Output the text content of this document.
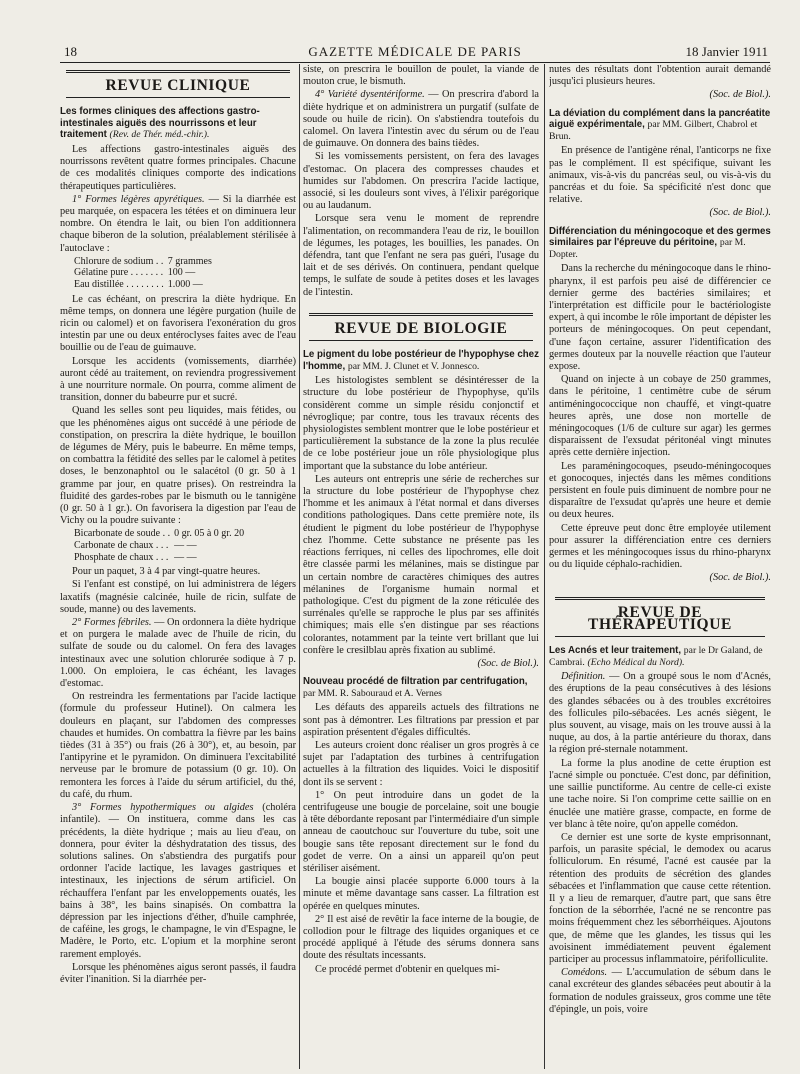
18	GAZETTE MÉDICALE DE PARIS	18 Janvier 1911
REVUE CLINIQUE
Les formes cliniques des affections gastro-intestinales aiguës des nourrissons et leur traitement (Rev. de Thér. méd.-chir.).

Les affections gastro-intestinales aiguës des nourrissons revêtent quatre formes principales. Chacune de ces modalités cliniques comporte des indications thérapeutiques particulières.

1° Formes légères apyrétiques. — Si la diarrhée est peu marquée, on espacera les tétées et on diminuera leur nombre. On étendra le lait, ou bien l'on additionnera chaque biberon de la solution, préalablement stérilisée à l'autoclave :

Chlorure de sodium . .	7 grammes
Gélatine pure . . . . . . .	100 —
Eau distillée . . . . . . . .	1.000 —

Le cas échéant, on prescrira la diète hydrique. En même temps, on donnera une légère purgation (huile de ricin ou calomel) et on favorisera l'exonération du gros intestin par une ou deux entéroclyses faites avec de l'eau bouillie ou de l'eau de guimauve.

Lorsque les accidents (vomissements, diarrhée) auront cédé au traitement, on reviendra progressivement à une nourriture normale. On pourra, comme aliment de transition, donner du babeurre pur et sucré.

Quand les selles sont peu liquides, mais fétides, ou que les phénomènes aigus ont succédé à une période de constipation, on prescrira la diète hydrique, le bouillon de légumes de Méry, puis le babeurre. En même temps, on combattra la fétidité des selles par le calomel à petites doses, le benzonaphtol ou le salacétol (0 gr. 50 à 1 gramme par jour, en quatre prises). On restreindra la fluidité des gardes-robes par le bismuth ou le tannigène (0 gr. 50 à 1 gr.). On favorisera la digestion par l'eau de Vichy ou la poudre suivante :

Bicarbonate de soude . .	0 gr. 05 à 0 gr. 20
Carbonate de chaux . . .	— —
Phosphate de chaux . . .	— —

Pour un paquet, 3 à 4 par vingt-quatre heures.

Si l'enfant est constipé, on lui administrera de légers laxatifs (magnésie calcinée, huile de ricin, sulfate de soude, manne) ou des lavements.

2° Formes fébriles. — On ordonnera la diète hydrique et on purgera le malade avec de l'huile de ricin, du sulfate de soude ou du calomel. On fera des lavages intestinaux avec une solution chlorurée sodique à 7 p. 1.000. On emploiera, le cas échéant, les lavages d'estomac.

On restreindra les fermentations par l'acide lactique (formule du professeur Hutinel). On calmera les douleurs en plaçant, sur l'abdomen des compresses chaudes et humides. On combattra la fièvre par les bains tièdes (31 à 35°) ou frais (26 à 30°), et, au besoin, par l'antipyrine et le pyramidon. On diminuera l'excitabilité nerveuse par le bromure de potassium (0 gr. 10). On remontera les forces à l'aide du sérum artificiel, du thé, du café, du rhum.

3° Formes hypothermiques ou algides (choléra infantile). — On instituera, comme dans les cas précédents, la diète hydrique ; mais au lieu d'eau, on donnera, pour éviter la déshydratation des tissus, des solutions salines. On s'abstiendra des purgatifs pour ordonner l'acide lactique, les lavages gastriques et intestinaux, les injections de sérum artificiel. On réchauffera l'enfant par les enveloppements ouatés, les bains à 38°, les bains sinapisés. On combattra la dépression par les injections d'éther, d'huile camphrée, de caféine, les grogs, le champagne, le vin d'Espagne, le Madère, le Porto, etc. L'opium et la morphine seront rarement employés.

Lorsque les phénomènes aigus seront passés, il faudra éviter l'inanition. Si la diarrhée per-

siste, on prescrira le bouillon de poulet, la viande de mouton crue, le bismuth.

4° Variété dysentériforme. — On prescrira d'abord la diète hydrique et on administrera un purgatif (sulfate de soude ou huile de ricin). On s'abstiendra toutefois du calomel. On lavera l'intestin avec du sérum ou de l'eau de guimauve. On donnera des bains tièdes.

Si les vomissements persistent, on fera des lavages d'estomac. On placera des compresses chaudes et humides sur l'abdomen. On prescrira l'acide lactique, associé, si les douleurs sont vives, à l'élixir parégorique ou au laudanum.

Lorsque sera venu le moment de reprendre l'alimentation, on recommandera l'eau de riz, le bouillon de légumes, les potages, les bouillies, les panades. On défendra, tant que l'enfant ne sera pas guéri, l'usage du lait et de ses dérivés. On continuera, pendant quelque temps, le sulfate de soude à petites doses et les lavages de l'intestin.

REVUE DE BIOLOGIE
Le pigment du lobe postérieur de l'hypophyse chez l'homme, par MM. J. Clunet et V. Jonnesco.

Les histologistes semblent se désintéresser de la structure du lobe postérieur de l'hypophyse, qu'ils considèrent comme un simple résidu conjonctif et névroglique; par contre, tous les travaux récents des physiologistes semblent montrer que le lobe postérieur et particulièrement la substance de la zone la plus reculée de ce lobe postérieur joue un rôle physiologique plus important que la substance du lobe antérieur.

Les auteurs ont entrepris une série de recherches sur la structure du lobe postérieur de l'hypophyse chez l'homme et les animaux à l'état normal et dans diverses conditions pathologiques. Dans cette première note, ils étudient le pigment du lobe postérieur de l'hypophyse chez l'homme. Cette substance ne présente pas les réactions ferriques, ni celles des lipochromes, elle doit être classée parmi les mélanines, mais se distingue par un certain nombre de caractères chimiques des autres mélanines de l'organisme humain normal et pathologique. C'est du pigment de la zone réticulée des surrénales qu'elle se rapproche le plus par ses affinités chimiques; mais elle s'en distingue par ses réactions colorantes, notamment par la teinte vert brillant que lui confère le cresilblau après fixation au sublimé.

(Soc. de Biol.).

Nouveau procédé de filtration par centrifugation, par MM. R. Sabouraud et A. Vernes

Les défauts des appareils actuels des filtrations ne sont pas à démontrer. Les filtrations par pression et par aspiration présentent d'égales difficultés.

Les auteurs croient donc réaliser un gros progrès à ce sujet par l'adaptation des turbines à centrifugation actuelles à la filtration des liquides. Voici le dispositif dont ils se servent :

1° On peut introduire dans un godet de la centrifugeuse une bougie de porcelaine, soit une bougie à tête débordante reposant par l'intermédiaire d'un simple anneau de caoutchouc sur l'ouverture du tube, soit une bougie sans tête reposant directement sur le fond du godet de verre. On a ainsi un appareil qu'on peut stériliser aisément.

La bougie ainsi placée supporte 6.000 tours à la minute et même davantage sans casser. La filtration est opérée en quelques minutes.

2° Il est aisé de revêtir la face interne de la bougie, de collodion pour le filtrage des liquides organiques et ce procédé appliqué à l'étude des sérums donnera sans doute des résultats incessants.

Ce procédé permet d'obtenir en quelques mi-

nutes des résultats dont l'obtention aurait demandé jusqu'ici plusieurs heures.

(Soc. de Biol.).

La déviation du complément dans la pancréatite aiguë expérimentale, par MM. Gilbert, Chabrol et Brun.

En présence de l'antigène rénal, l'anticorps ne fixe pas le complément. Il est spécifique, suivant les animaux, vis-à-vis du pancréas seul, ou vis-à-vis du pancréas et du foie. Sa spécificité n'est donc que relative.

(Soc. de Biol.).

Différenciation du méningocoque et des germes similaires par l'épreuve du péritoine, par M. Dopter.

Dans la recherche du méningocoque dans le rhino-pharynx, il est parfois peu aisé de différencier ce dernier germe des bactéries similaires; et l'interprétation est difficile pour le bactériologiste expert, à qui incombe le rôle important de dépister les porteurs de méningocoques. On peut cependant, d'une façon certaine, assurer l'identification des germes douteux par la nouvelle réaction que l'auteur expose.

Quand on injecte à un cobaye de 250 grammes, dans le péritoine, 1 centimètre cube de sérum antiméningococcique non chauffé, et vingt-quatre heures après, une dose non mortelle de méningocoques (1/6 de culture sur agar) les germes disparaissent de l'exsudat péritonéal vingt minutes après cette dernière injection.

Les paraméningocoques, pseudo-méningocoques et gonocoques, injectés dans les mêmes conditions persistent en foule puis diminuent de nombre pour ne disparaître de l'exsudat qu'après une heure et demie ou deux heures.

Cette épreuve peut donc être employée utilement pour assurer la différenciation entre ces derniers germes et les méningocoques issus du rhino-pharynx ou du liquide céphalo-rachidien.

(Soc. de Biol.).

REVUE DE THÉRAPEUTIQUE
Les Acnés et leur traitement, par le Dr Galand, de Cambrai. (Echo Médical du Nord).

Définition. — On a groupé sous le nom d'Acnés, des éruptions de la peau consécutives à des lésions des glandes sébacées ou à des troubles excrétoires des follicules pilo-sébacées. Les acnés siègent, le plus souvent, au visage, mais on les trouve aussi à la nuque, au dos, à la partie antérieure du thorax, dans la région pré-sternale notamment.

La forme la plus anodine de cette éruption est l'acné simple ou ponctuée. C'est donc, par définition, une saillie punctiforme. Au centre de celle-ci existe une tache noire. Si l'on comprime cette saillie on en énuclée une matière grasse, compacte, en forme de ver blanc à tête noire, qu'on appelle comédon.

Ce dernier est une sorte de kyste emprisonnant, parfois, un parasite spécial, le demodex ou acarus folliculorum. En résumé, l'acné est causée par la rétention des produits de sécrétion des glandes sébacées et l'inflammation que cause cette rétention. Il y a lieu de remarquer, d'autre part, que sans être fonction de la séborrhée, l'acné ne se rencontre pas moins fréquemment chez les séborrhéiques. Ajoutons que, de même que les glandes, les tissus qui les avoisinent immédiatement peuvent également participer au processus inflammatoire, périfolliculite.

Comédons. — L'accumulation de sébum dans le canal excréteur des glandes sébacées peut aboutir à la formation de nodules graisseux, gros comme une tête d'épingle, un pois, voire
